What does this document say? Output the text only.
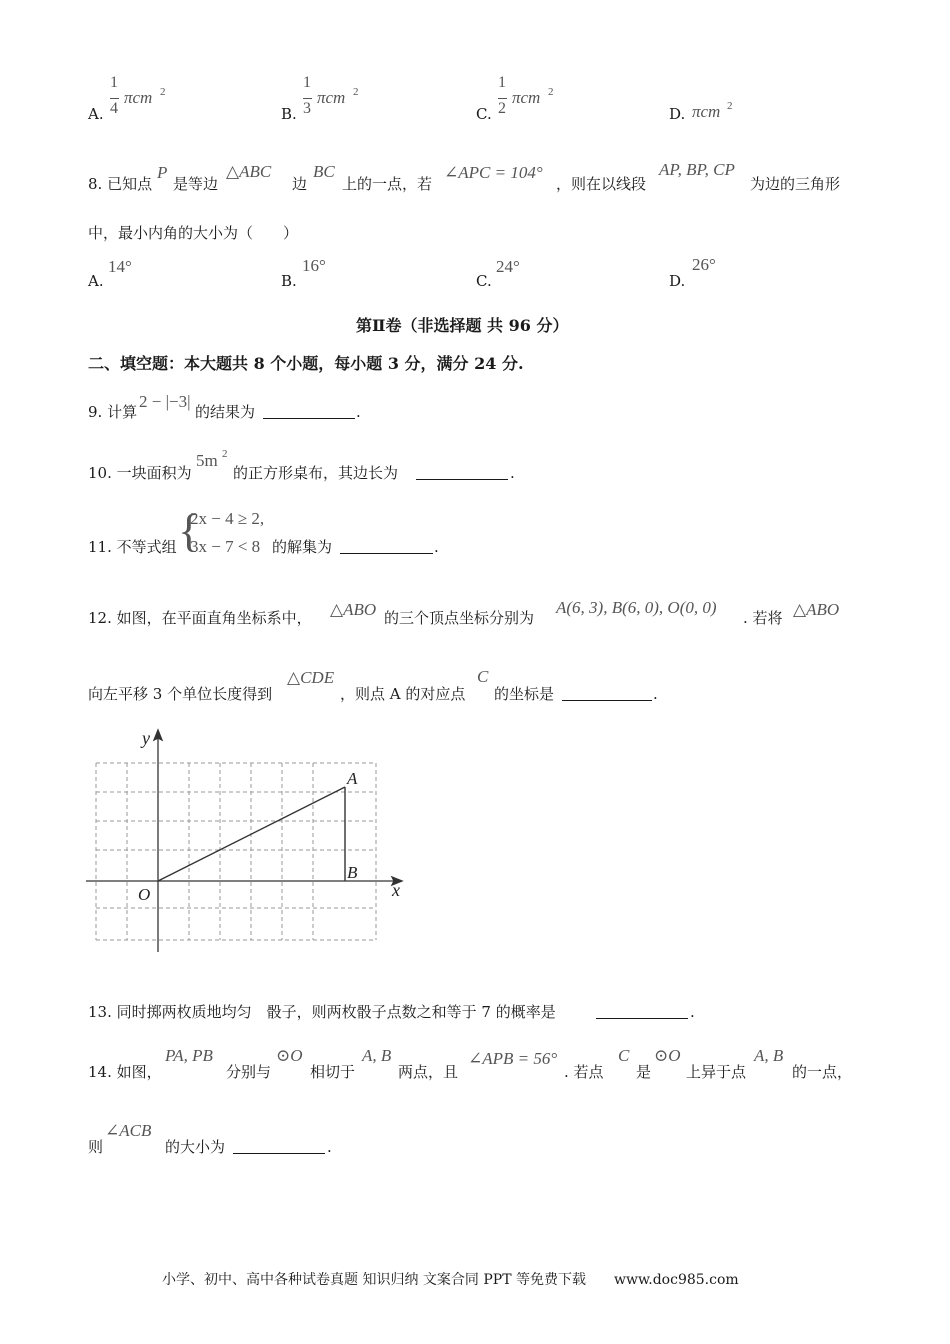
A.
1
4
πcm 2
B.
1
3
πcm 2
C.
1
2
πcm 2
D. πcm 2
8. 已知点
P
是等边
△ABC
边
BC
上的一点，若
∠APC = 104°
，则在以线段
AP, BP, CP
为边的三角形
中，最小内角的大小为（　　）
A.
14°
B.
16°
C.
24°
D.
26°
第Ⅱ卷（非选择题 共 96 分）
二、填空题：本大题共 8 个小题，每小题 3 分，满分 24 分.
9. 计算
2 − |−3|
的结果为	.
10. 一块面积为
5m 2
的正方形桌布，其边长为	.
11. 不等式组 {
2x − 4 ≥ 2,
3x − 7 < 8 的解集为	.
12. 如图，在平面直角坐标系中， △ABO 的三个顶点坐标分别为
A(6, 3), B(6, 0), O(0, 0)
. 若将 △ABO
向左平移 3 个单位长度得到
△CDE
，则点 A 的对应点
C
的坐标是	.
y
x
O
A
B
13. 同时掷两枚质地均匀　骰子，则两枚骰子点数之和等于 7 的概率是	.
14. 如图，
PA, PB
分别与
⊙O
相切于
A, B
两点，且
∠APB = 56°
. 若点
C
是
⊙O
上异于点
A, B
的一点，
则
∠ACB
的大小为	.
小学、初中、高中各种试卷真题 知识归纳 文案合同 PPT 等免费下载　　www.doc985.com
